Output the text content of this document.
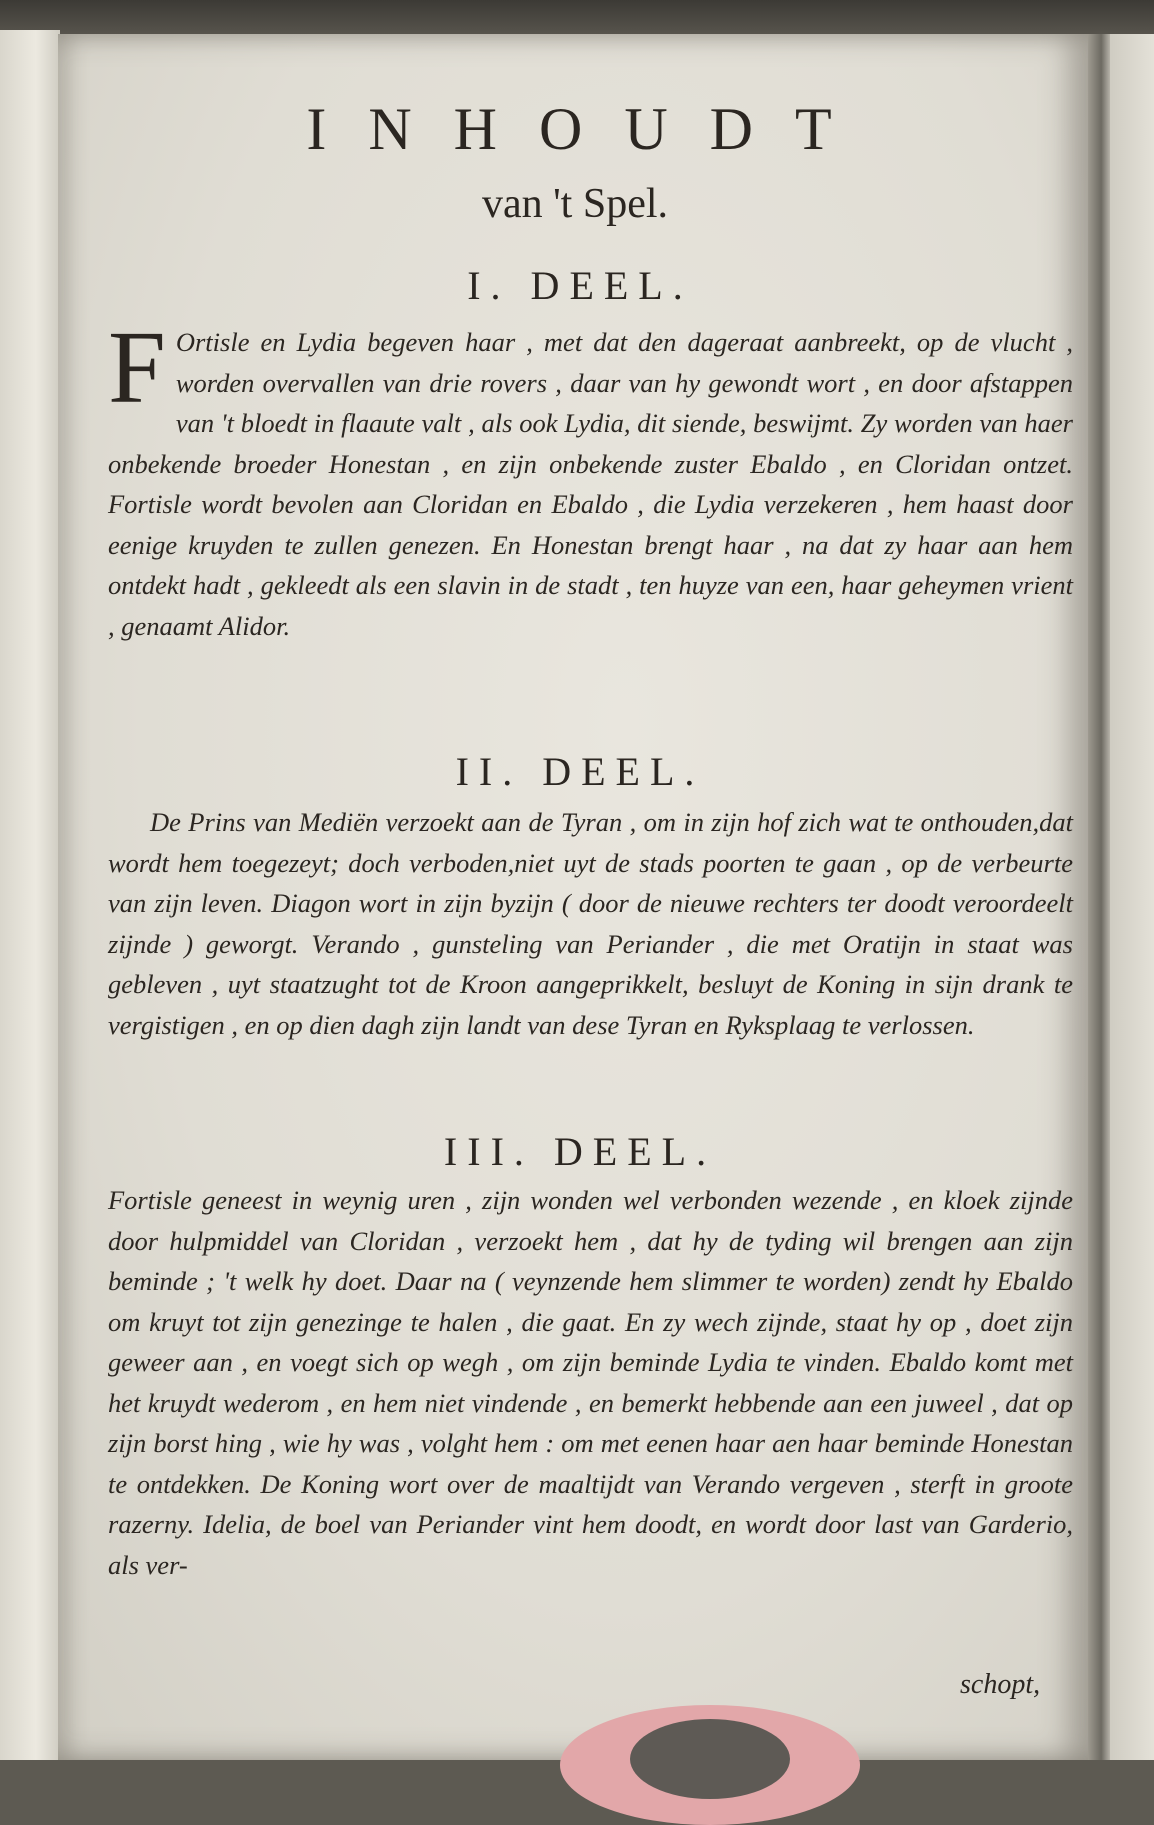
INHOUDT
van 't Spel.
I. DEEL.
F Ortisle en Lydia begeven haar , met dat den dageraat aanbreekt, op de vlucht , worden overvallen van drie rovers , daar van hy gewondt wort , en door afstappen van 't bloedt in flaaute valt , als ook Lydia, dit siende, beswijmt. Zy worden van haer onbekende broeder Honestan , en zijn onbekende zuster Ebaldo , en Cloridan ontzet. Fortisle wordt bevolen aan Cloridan en Ebaldo , die Lydia verzekeren , hem haast door eenige kruyden te zullen genezen. En Honestan brengt haar , na dat zy haar aan hem ontdekt hadt , gekleedt als een slavin in de stadt , ten huyze van een, haar geheymen vrient , genaamt Alidor.
II. DEEL.
De Prins van Mediën verzoekt aan de Tyran , om in zijn hof zich wat te onthouden,dat wordt hem toegezeyt; doch verboden,niet uyt de stads poorten te gaan , op de verbeurte van zijn leven. Diagon wort in zijn byzijn ( door de nieuwe rechters ter doodt veroordeelt zijnde ) geworgt. Verando , gunsteling van Periander , die met Oratijn in staat was gebleven , uyt staatzught tot de Kroon aangeprikkelt, besluyt de Koning in sijn drank te vergistigen , en op dien dagh zijn landt van dese Tyran en Ryksplaag te verlossen.
III. DEEL.
Fortisle geneest in weynig uren , zijn wonden wel verbonden wezende , en kloek zijnde door hulpmiddel van Cloridan , verzoekt hem , dat hy de tyding wil brengen aan zijn beminde ; 't welk hy doet. Daar na ( veynzende hem slimmer te worden) zendt hy Ebaldo om kruyt tot zijn genezinge te halen , die gaat. En zy wech zijnde, staat hy op , doet zijn geweer aan , en voegt sich op wegh , om zijn beminde Lydia te vinden. Ebaldo komt met het kruydt wederom , en hem niet vindende , en bemerkt hebbende aan een juweel , dat op zijn borst hing , wie hy was , volght hem : om met eenen haar aen haar beminde Honestan te ontdekken. De Koning wort over de maaltijdt van Verando vergeven , sterft in groote razerny. Idelia, de boel van Periander vint hem doodt, en wordt door last van Garderio, als ver-
schopt,
